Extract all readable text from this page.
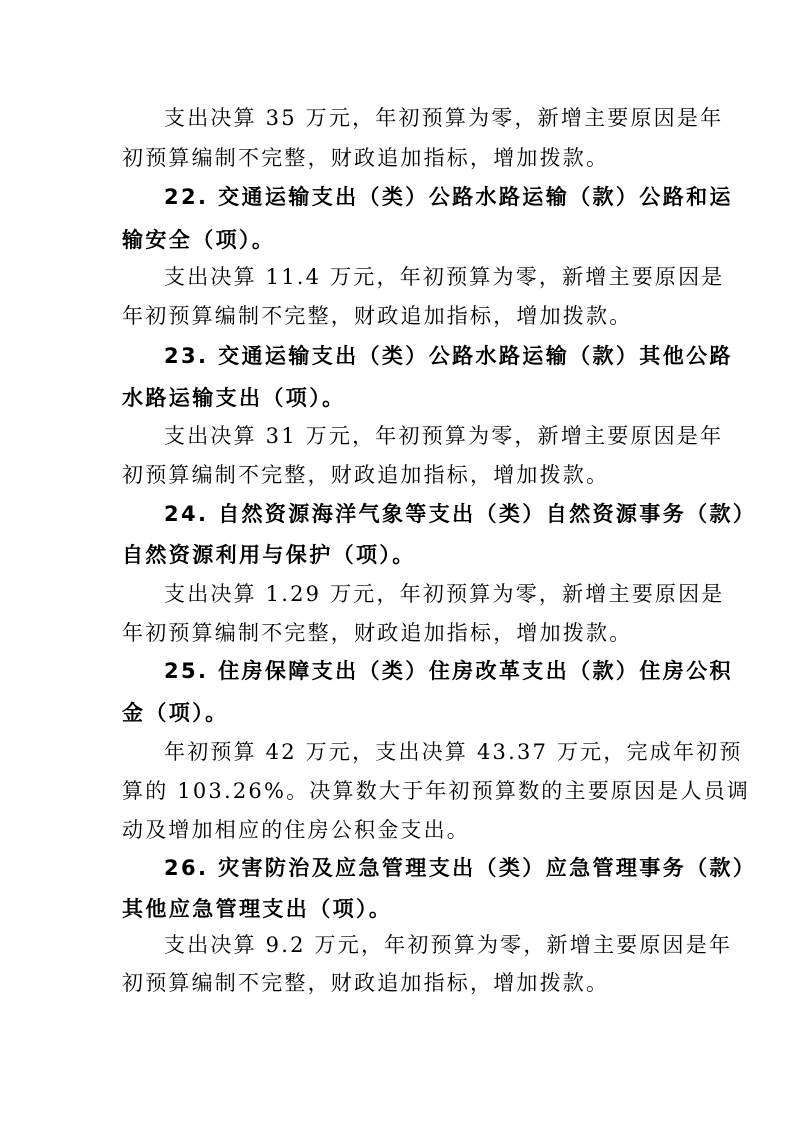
支出决算 35 万元，年初预算为零，新增主要原因是年
初预算编制不完整，财政追加指标，增加拨款。
22. 交通运输支出（类）公路水路运输（款）公路和运
输安全（项）。
支出决算 11.4 万元，年初预算为零，新增主要原因是
年初预算编制不完整，财政追加指标，增加拨款。
23. 交通运输支出（类）公路水路运输（款）其他公路
水路运输支出（项）。
支出决算 31 万元，年初预算为零，新增主要原因是年
初预算编制不完整，财政追加指标，增加拨款。
24. 自然资源海洋气象等支出（类）自然资源事务（款）
自然资源利用与保护（项）。
支出决算 1.29 万元，年初预算为零，新增主要原因是
年初预算编制不完整，财政追加指标，增加拨款。
25. 住房保障支出（类）住房改革支出（款）住房公积
金（项）。
年初预算 42 万元，支出决算 43.37 万元，完成年初预
算的 103.26%。决算数大于年初预算数的主要原因是人员调
动及增加相应的住房公积金支出。
26. 灾害防治及应急管理支出（类）应急管理事务（款）
其他应急管理支出（项）。
支出决算 9.2 万元，年初预算为零，新增主要原因是年
初预算编制不完整，财政追加指标，增加拨款。
